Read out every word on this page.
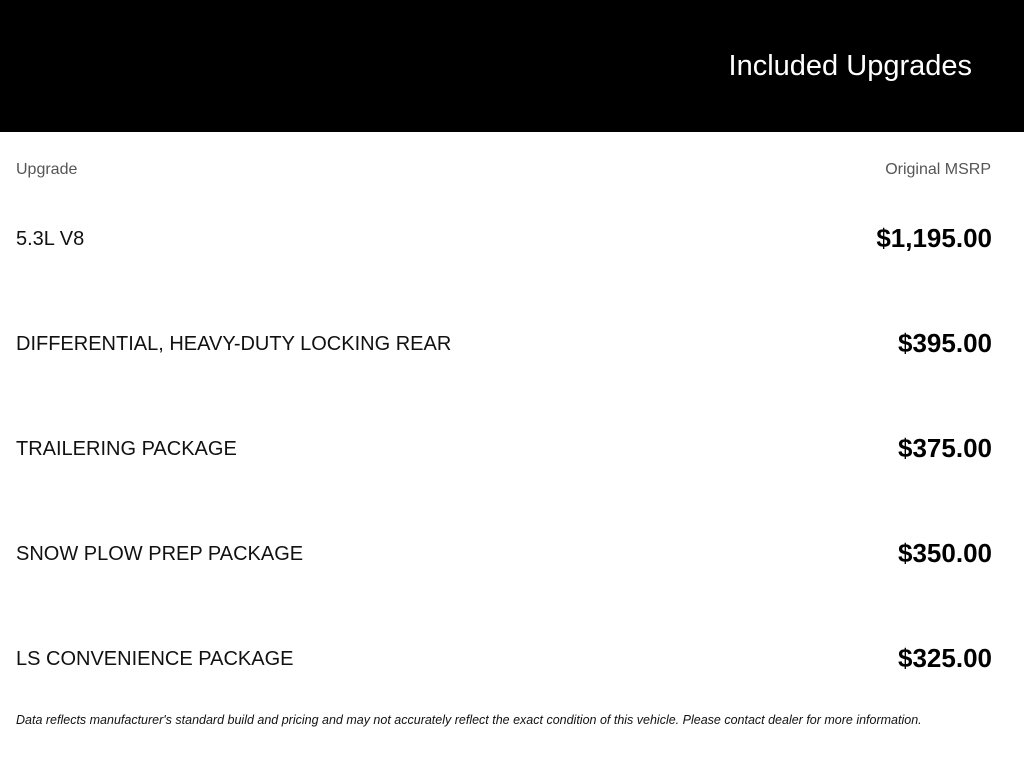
Included Upgrades
Upgrade	Original MSRP
5.3L V8	$1,195.00
DIFFERENTIAL, HEAVY-DUTY LOCKING REAR	$395.00
TRAILERING PACKAGE	$375.00
SNOW PLOW PREP PACKAGE	$350.00
LS CONVENIENCE PACKAGE	$325.00
Data reflects manufacturer's standard build and pricing and may not accurately reflect the exact condition of this vehicle. Please contact dealer for more information.
